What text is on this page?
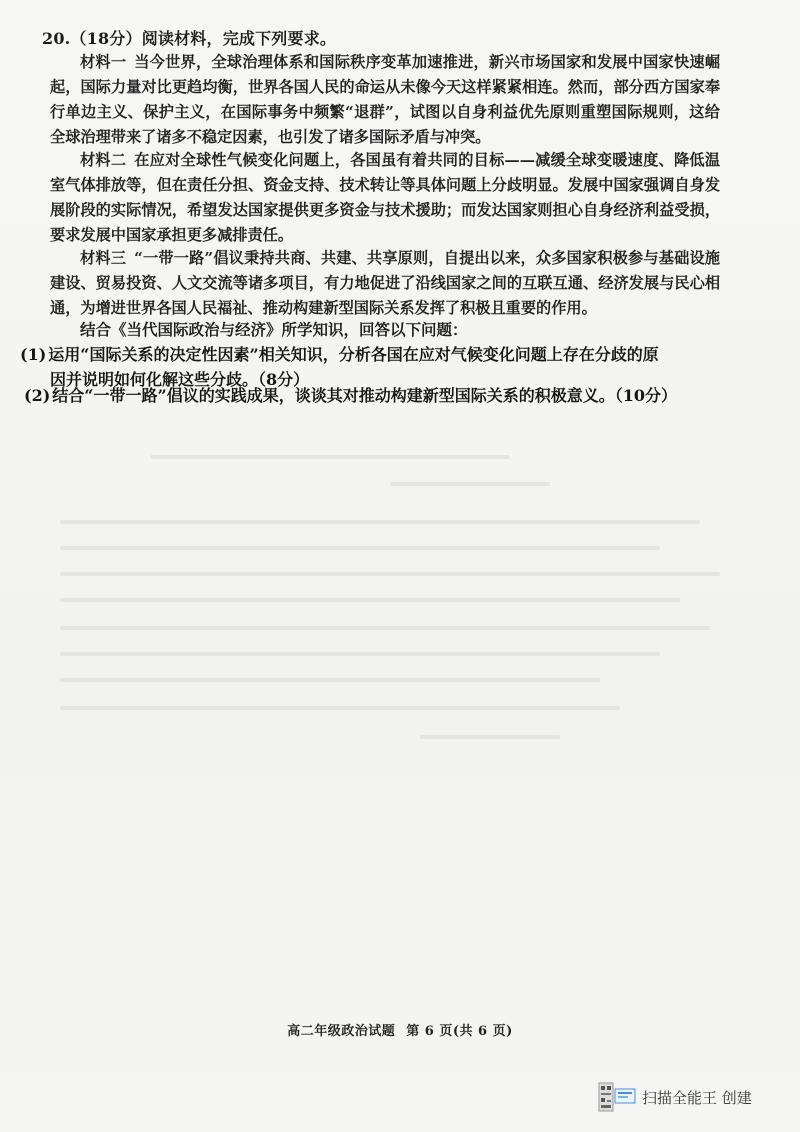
20.（18分）阅读材料，完成下列要求。
材料一 当今世界，全球治理体系和国际秩序变革加速推进，新兴市场国家和发展中国家快速崛起，国际力量对比更趋均衡，世界各国人民的命运从未像今天这样紧紧相连。然而，部分西方国家奉行单边主义、保护主义，在国际事务中频繁“退群”，试图以自身利益优先原则重塑国际规则，这给全球治理带来了诸多不稳定因素，也引发了诸多国际矛盾与冲突。
材料二 在应对全球性气候变化问题上，各国虽有着共同的目标——减缓全球变暖速度、降低温室气体排放等，但在责任分担、资金支持、技术转让等具体问题上分歧明显。发展中国家强调自身发展阶段的实际情况，希望发达国家提供更多资金与技术援助；而发达国家则担心自身经济利益受损，要求发展中国家承担更多减排责任。
材料三 “一带一路”倡议秉持共商、共建、共享原则，自提出以来，众多国家积极参与基础设施建设、贸易投资、人文交流等诸多项目，有力地促进了沿线国家之间的互联互通、经济发展与民心相通，为增进世界各国人民福祉、推动构建新型国际关系发挥了积极且重要的作用。
结合《当代国际政治与经济》所学知识，回答以下问题：
(1) 运用“国际关系的决定性因素”相关知识，分析各国在应对气候变化问题上存在分歧的原
因并说明如何化解这些分歧。（8分）
(2) 结合“一带一路”倡议的实践成果，谈谈其对推动构建新型国际关系的积极意义。（10分）
高二年级政治试题 第 6 页(共 6 页)
扫描全能王 创建
